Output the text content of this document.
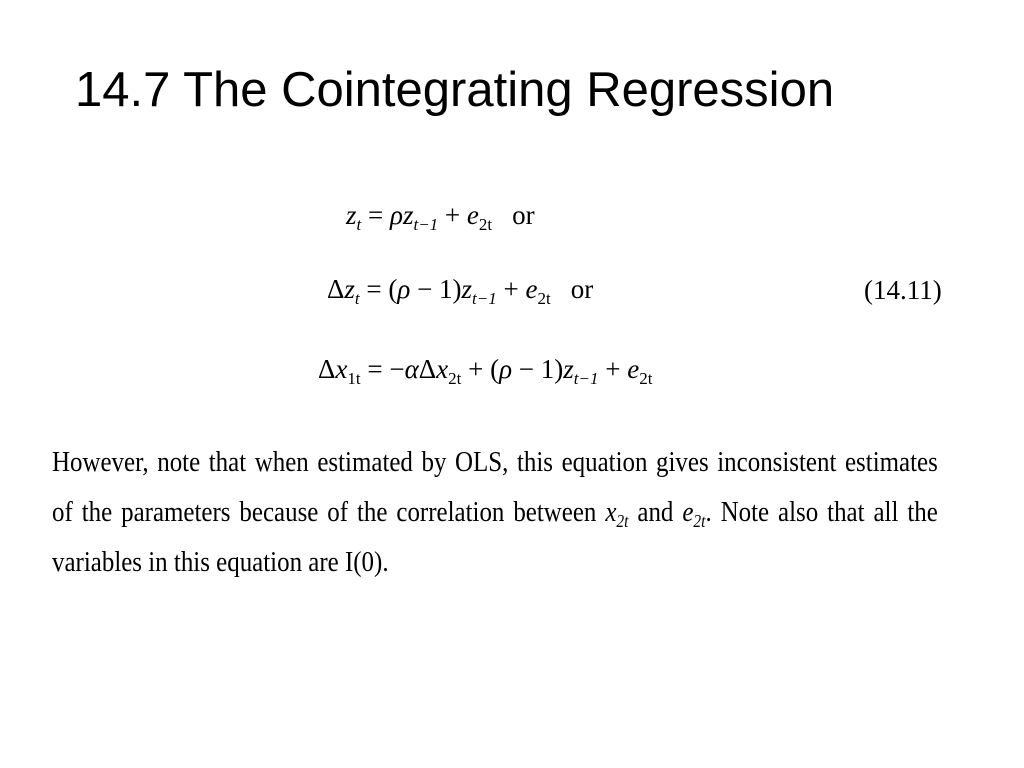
14.7 The Cointegrating Regression
$z_t = \rho z_{t-1} + e_{2t}$ or
$\Delta z_t = (\rho - 1)z_{t-1} + e_{2t}$ or	(14.11)
$\Delta x_{1t} = -\alpha\Delta x_{2t} + (\rho - 1)z_{t-1} + e_{2t}$
However, note that when estimated by OLS, this equation gives inconsistent estimates of the parameters because of the correlation between $x_{2t}$ and $e_{2t}$. Note also that all the variables in this equation are I(0).
